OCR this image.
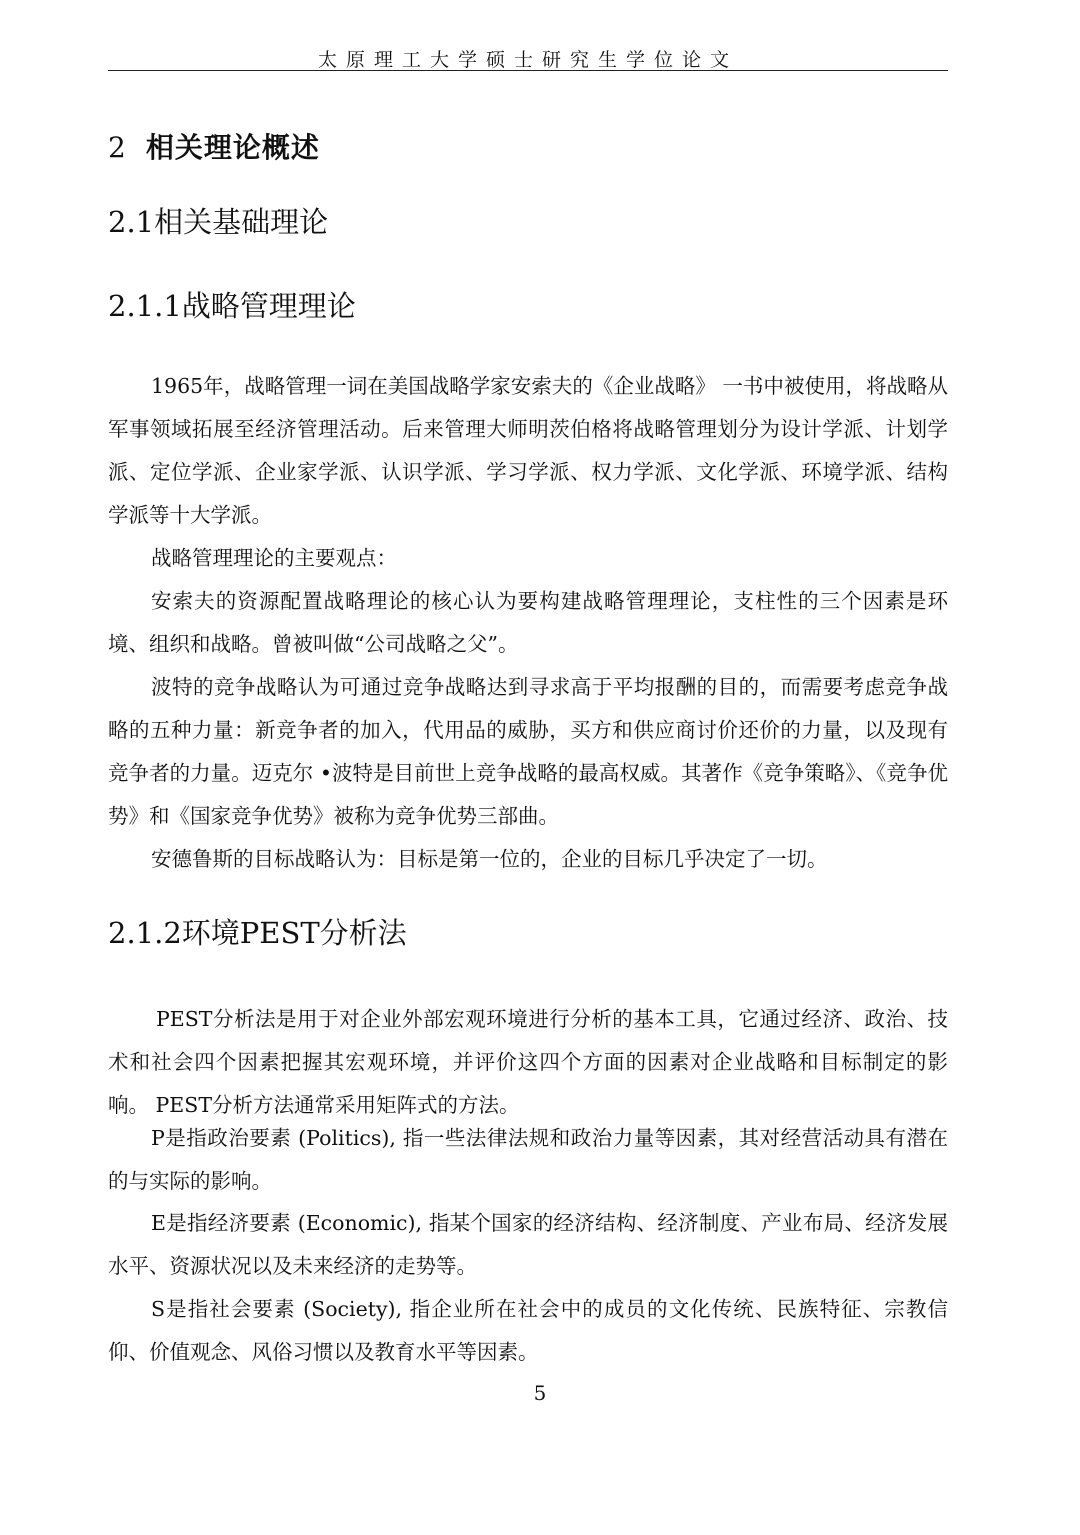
太原理工大学硕士研究生学位论文
2 相关理论概述
2.1相关基础理论
2.1.1战略管理理论

1965年，战略管理一词在美国战略学家安索夫的《企业战略》 一书中被使用，将战略从军事领域拓展至经济管理活动。后来管理大师明茨伯格将战略管理划分为设计学派、计划学派、定位学派、企业家学派、认识学派、学习学派、权力学派、文化学派、环境学派、结构学派等十大学派。

战略管理理论的主要观点：

安索夫的资源配置战略理论的核心认为要构建战略管理理论，支柱性的三个因素是环境、组织和战略。曾被叫做“公司战略之父”。

波特的竞争战略认为可通过竞争战略达到寻求高于平均报酬的目的，而需要考虑竞争战略的五种力量：新竞争者的加入，代用品的威胁，买方和供应商讨价还价的力量，以及现有竞争者的力量。迈克尔 •波特是目前世上竞争战略的最高权威。其著作《竞争策略》、《竞争优势》和《国家竞争优势》被称为竞争优势三部曲。

安德鲁斯的目标战略认为：目标是第一位的，企业的目标几乎决定了一切。

2.1.2环境PEST分析法

PEST分析法是用于对企业外部宏观环境进行分析的基本工具，它通过经济、政治、技术和社会四个因素把握其宏观环境，并评价这四个方面的因素对企业战略和目标制定的影响。 PEST分析方法通常采用矩阵式的方法。

P是指政治要素 (Politics), 指一些法律法规和政治力量等因素，其对经营活动具有潜在的与实际的影响。

E是指经济要素 (Economic), 指某个国家的经济结构、经济制度、产业布局、经济发展水平、资源状况以及未来经济的走势等。

S是指社会要素 (Society), 指企业所在社会中的成员的文化传统、民族特征、宗教信仰、价值观念、风俗习惯以及教育水平等因素。

5
